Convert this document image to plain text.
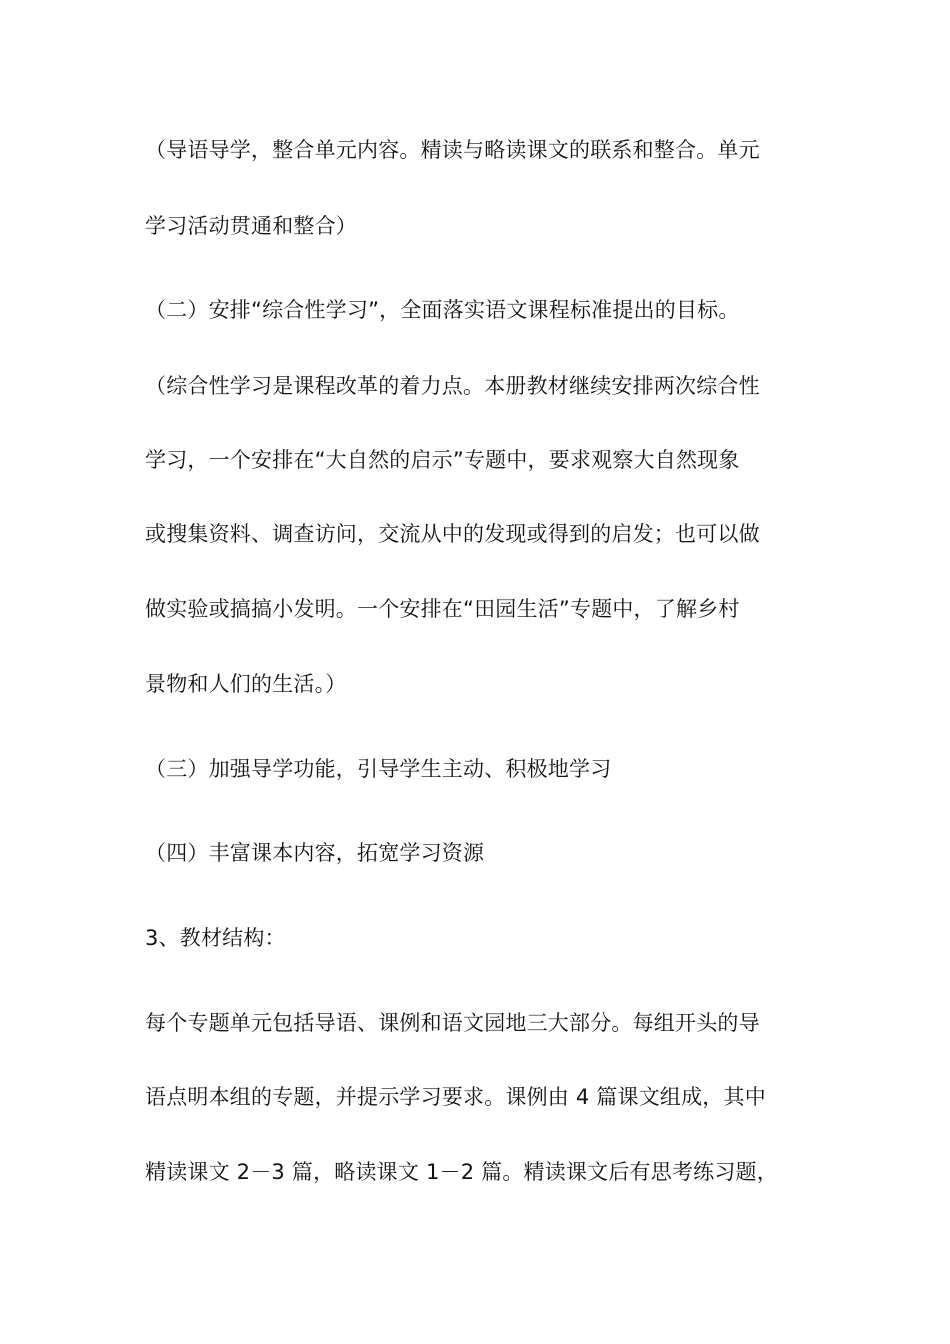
（导语导学，整合单元内容。精读与略读课文的联系和整合。单元
学习活动贯通和整合）
（二）安排“综合性学习”，全面落实语文课程标准提出的目标。
（综合性学习是课程改革的着力点。本册教材继续安排两次综合性
学习，一个安排在“大自然的启示”专题中，要求观察大自然现象
或搜集资料、调查访问，交流从中的发现或得到的启发；也可以做
做实验或搞搞小发明。一个安排在“田园生活”专题中，了解乡村
景物和人们的生活。）
（三）加强导学功能，引导学生主动、积极地学习
（四）丰富课本内容，拓宽学习资源
3、教材结构：
每个专题单元包括导语、课例和语文园地三大部分。每组开头的导
语点明本组的专题，并提示学习要求。课例由 4 篇课文组成，其中
精读课文 2－3 篇，略读课文 1－2 篇。精读课文后有思考练习题，
